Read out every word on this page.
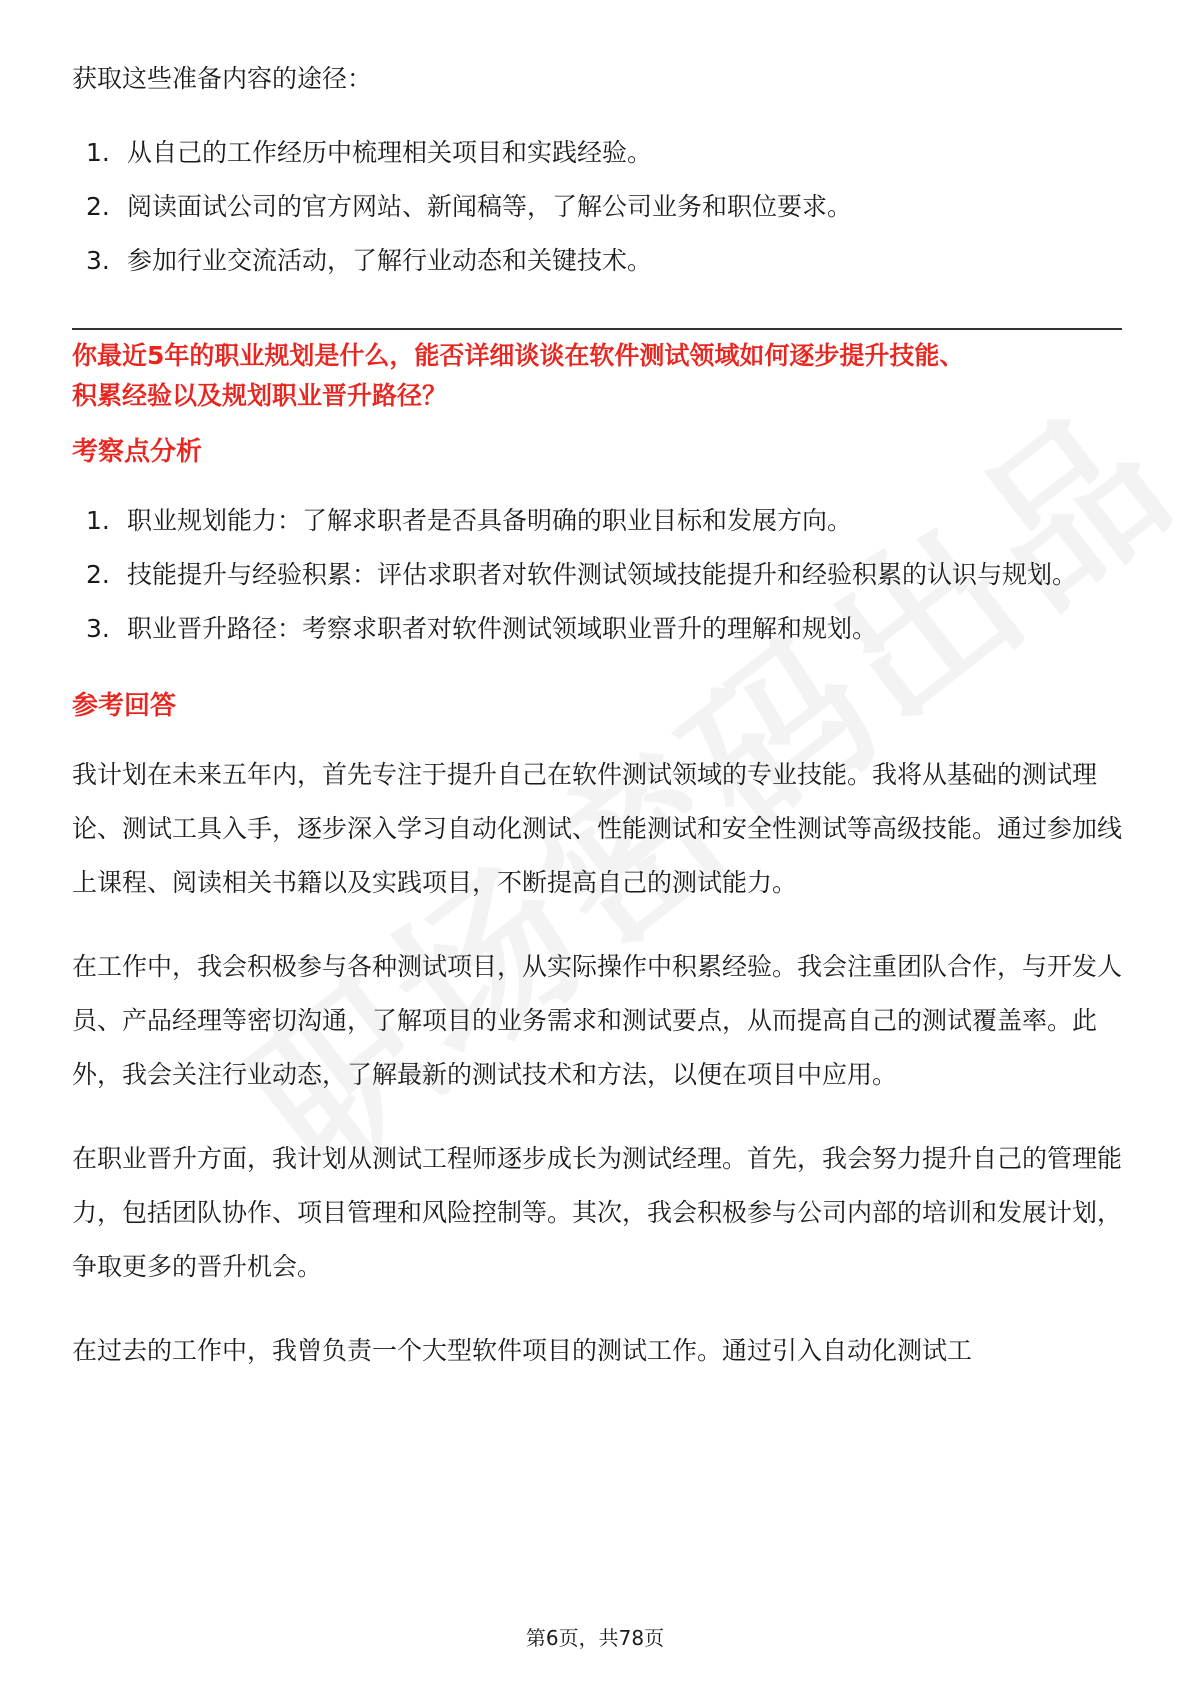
获取这些准备内容的途径：

1. 从自己的工作经历中梳理相关项目和实践经验。
2. 阅读面试公司的官方网站、新闻稿等，了解公司业务和职位要求。
3. 参加行业交流活动，了解行业动态和关键技术。

你最近5年的职业规划是什么，能否详细谈谈在软件测试领域如何逐步提升技能、
积累经验以及规划职业晋升路径？

考察点分析
1. 职业规划能力：了解求职者是否具备明确的职业目标和发展方向。
2. 技能提升与经验积累：评估求职者对软件测试领域技能提升和经验积累的认识与规划。
3. 职业晋升路径：考察求职者对软件测试领域职业晋升的理解和规划。
参考回答

我计划在未来五年内，首先专注于提升自己在软件测试领域的专业技能。我将从基础的测试理论、测试工具入手，逐步深入学习自动化测试、性能测试和安全性测试等高级技能。通过参加线上课程、阅读相关书籍以及实践项目，不断提高自己的测试能力。

在工作中，我会积极参与各种测试项目，从实际操作中积累经验。我会注重团队合作，与开发人员、产品经理等密切沟通，了解项目的业务需求和测试要点，从而提高自己的测试覆盖率。此外，我会关注行业动态，了解最新的测试技术和方法，以便在项目中应用。

在职业晋升方面，我计划从测试工程师逐步成长为测试经理。首先，我会努力提升自己的管理能力，包括团队协作、项目管理和风险控制等。其次，我会积极参与公司内部的培训和发展计划，争取更多的晋升机会。

在过去的工作中，我曾负责一个大型软件项目的测试工作。通过引入自动化测试工

第6页，共78页
